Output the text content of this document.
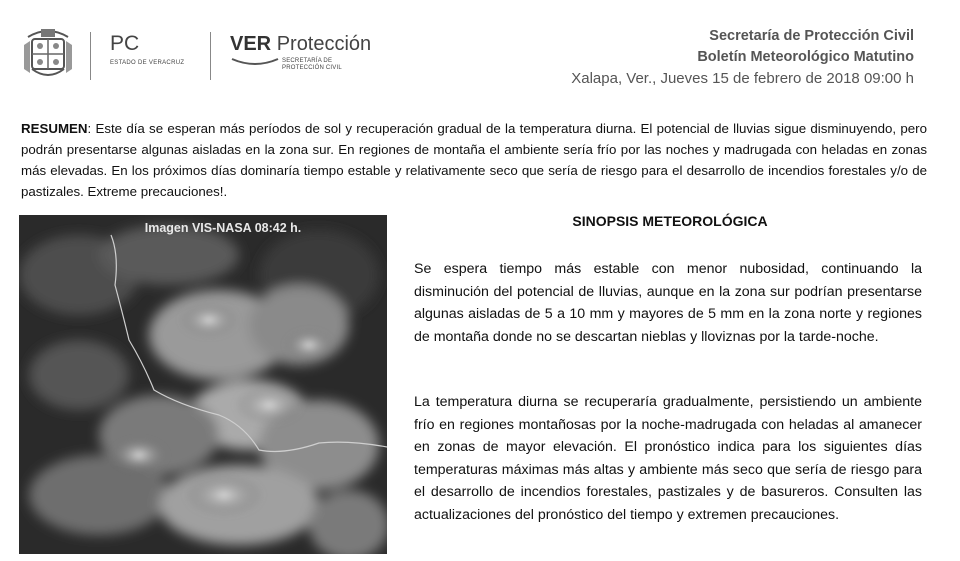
PC
ESTADO DE VERACRUZ
VER Protección
SECRETARÍA DE
PROTECCIÓN CIVIL
Secretaría de Protección Civil
Boletín Meteorológico Matutino
Xalapa, Ver., Jueves 15 de febrero de 2018 09:00 h
RESUMEN: Este día se esperan más períodos de sol y recuperación gradual de la temperatura diurna. El potencial de lluvias sigue disminuyendo, pero podrán presentarse algunas aisladas en la zona sur. En regiones de montaña el ambiente sería frío por las noches y madrugada con heladas en zonas más elevadas. En los próximos días dominaría tiempo estable y relativamente seco que sería de riesgo para el desarrollo de incendios forestales y/o de pastizales. Extreme precauciones!.
Imagen VIS-NASA 08:42 h.	SINOPSIS METEOROLÓGICA
Se espera tiempo más estable con menor nubosidad, continuando la disminución del potencial de lluvias, aunque en la zona sur podrían presentarse algunas aisladas de 5 a 10 mm y mayores de 5 mm en la zona norte y regiones de montaña donde no se descartan nieblas y lloviznas por la tarde-noche.
La temperatura diurna se recuperaría gradualmente, persistiendo un ambiente frío en regiones montañosas por la noche-madrugada con heladas al amanecer en zonas de mayor elevación. El pronóstico indica para los siguientes días temperaturas máximas más altas y ambiente más seco que sería de riesgo para el desarrollo de incendios forestales, pastizales y de basureros. Consulten las actualizaciones del pronóstico del tiempo y extremen precauciones.
